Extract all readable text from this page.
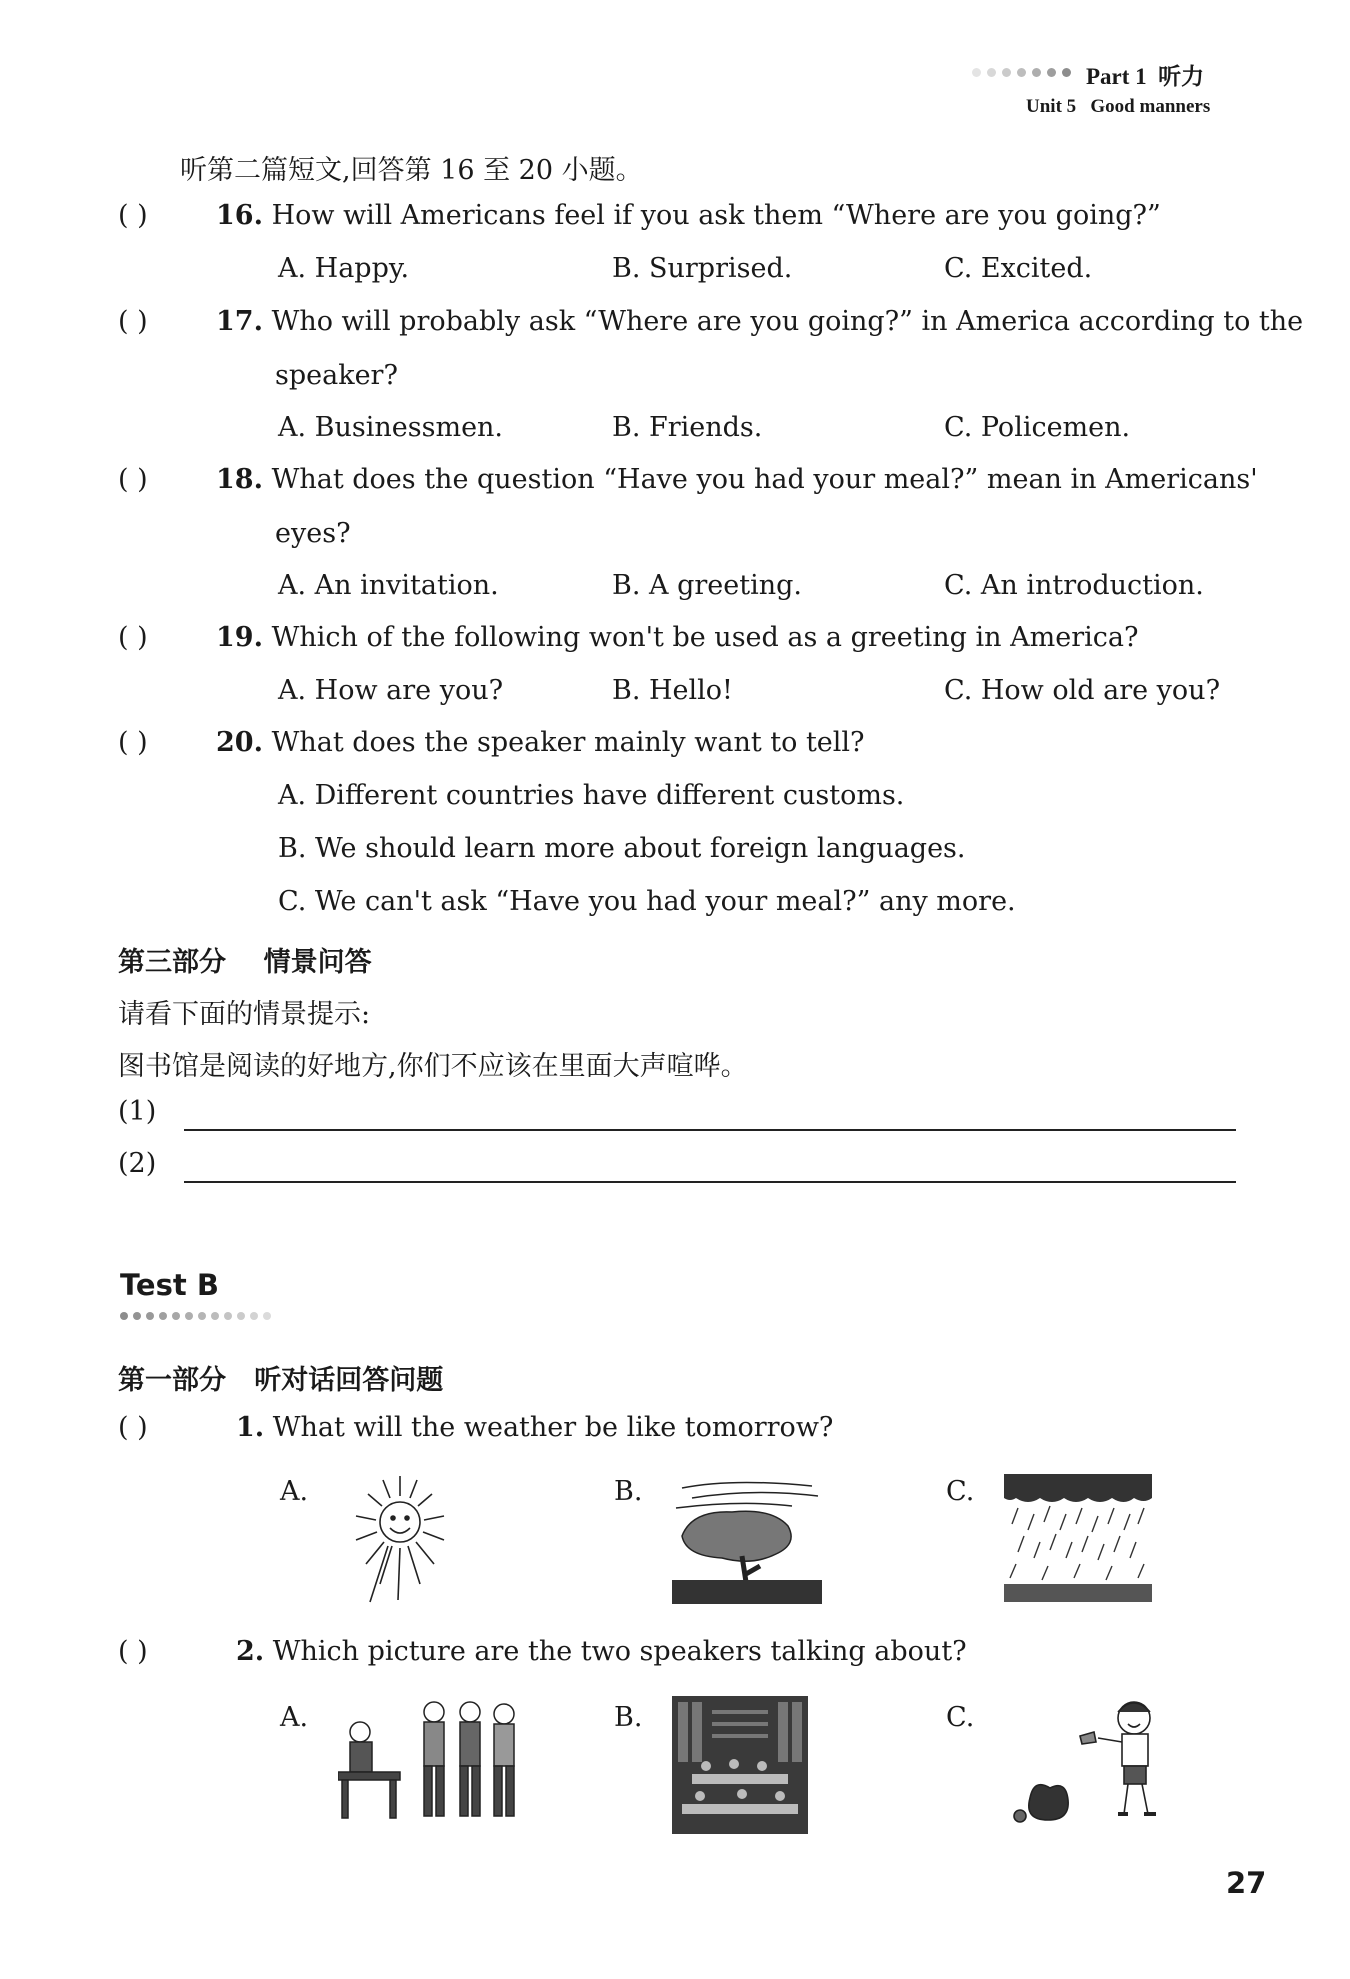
Part 1 听力
Unit 5 Good manners
听第二篇短文,回答第 16 至 20 小题。
( )	16. How will Americans feel if you ask them “Where are you going?”
A. Happy.	B. Surprised.	C. Excited.
( )	17. Who will probably ask “Where are you going?” in America according to the
speaker?
A. Businessmen.	B. Friends.	C. Policemen.
( )	18. What does the question “Have you had your meal?” mean in Americans'
eyes?
A. An invitation.	B. A greeting.	C. An introduction.
( )	19. Which of the following won't be used as a greeting in America?
A. How are you?	B. Hello!	C. How old are you?
( )	20. What does the speaker mainly want to tell?
A. Different countries have different customs.
B. We should learn more about foreign languages.
C. We can't ask “Have you had your meal?” any more.
第三部分 情景问答
请看下面的情景提示:
图书馆是阅读的好地方,你们不应该在里面大声喧哗。
(1)
(2)
Test B
第一部分 听对话回答问题
( )	1. What will the weather be like tomorrow?
A.	B.	C.
( )	2. Which picture are the two speakers talking about?
A.	B.	C.
27
